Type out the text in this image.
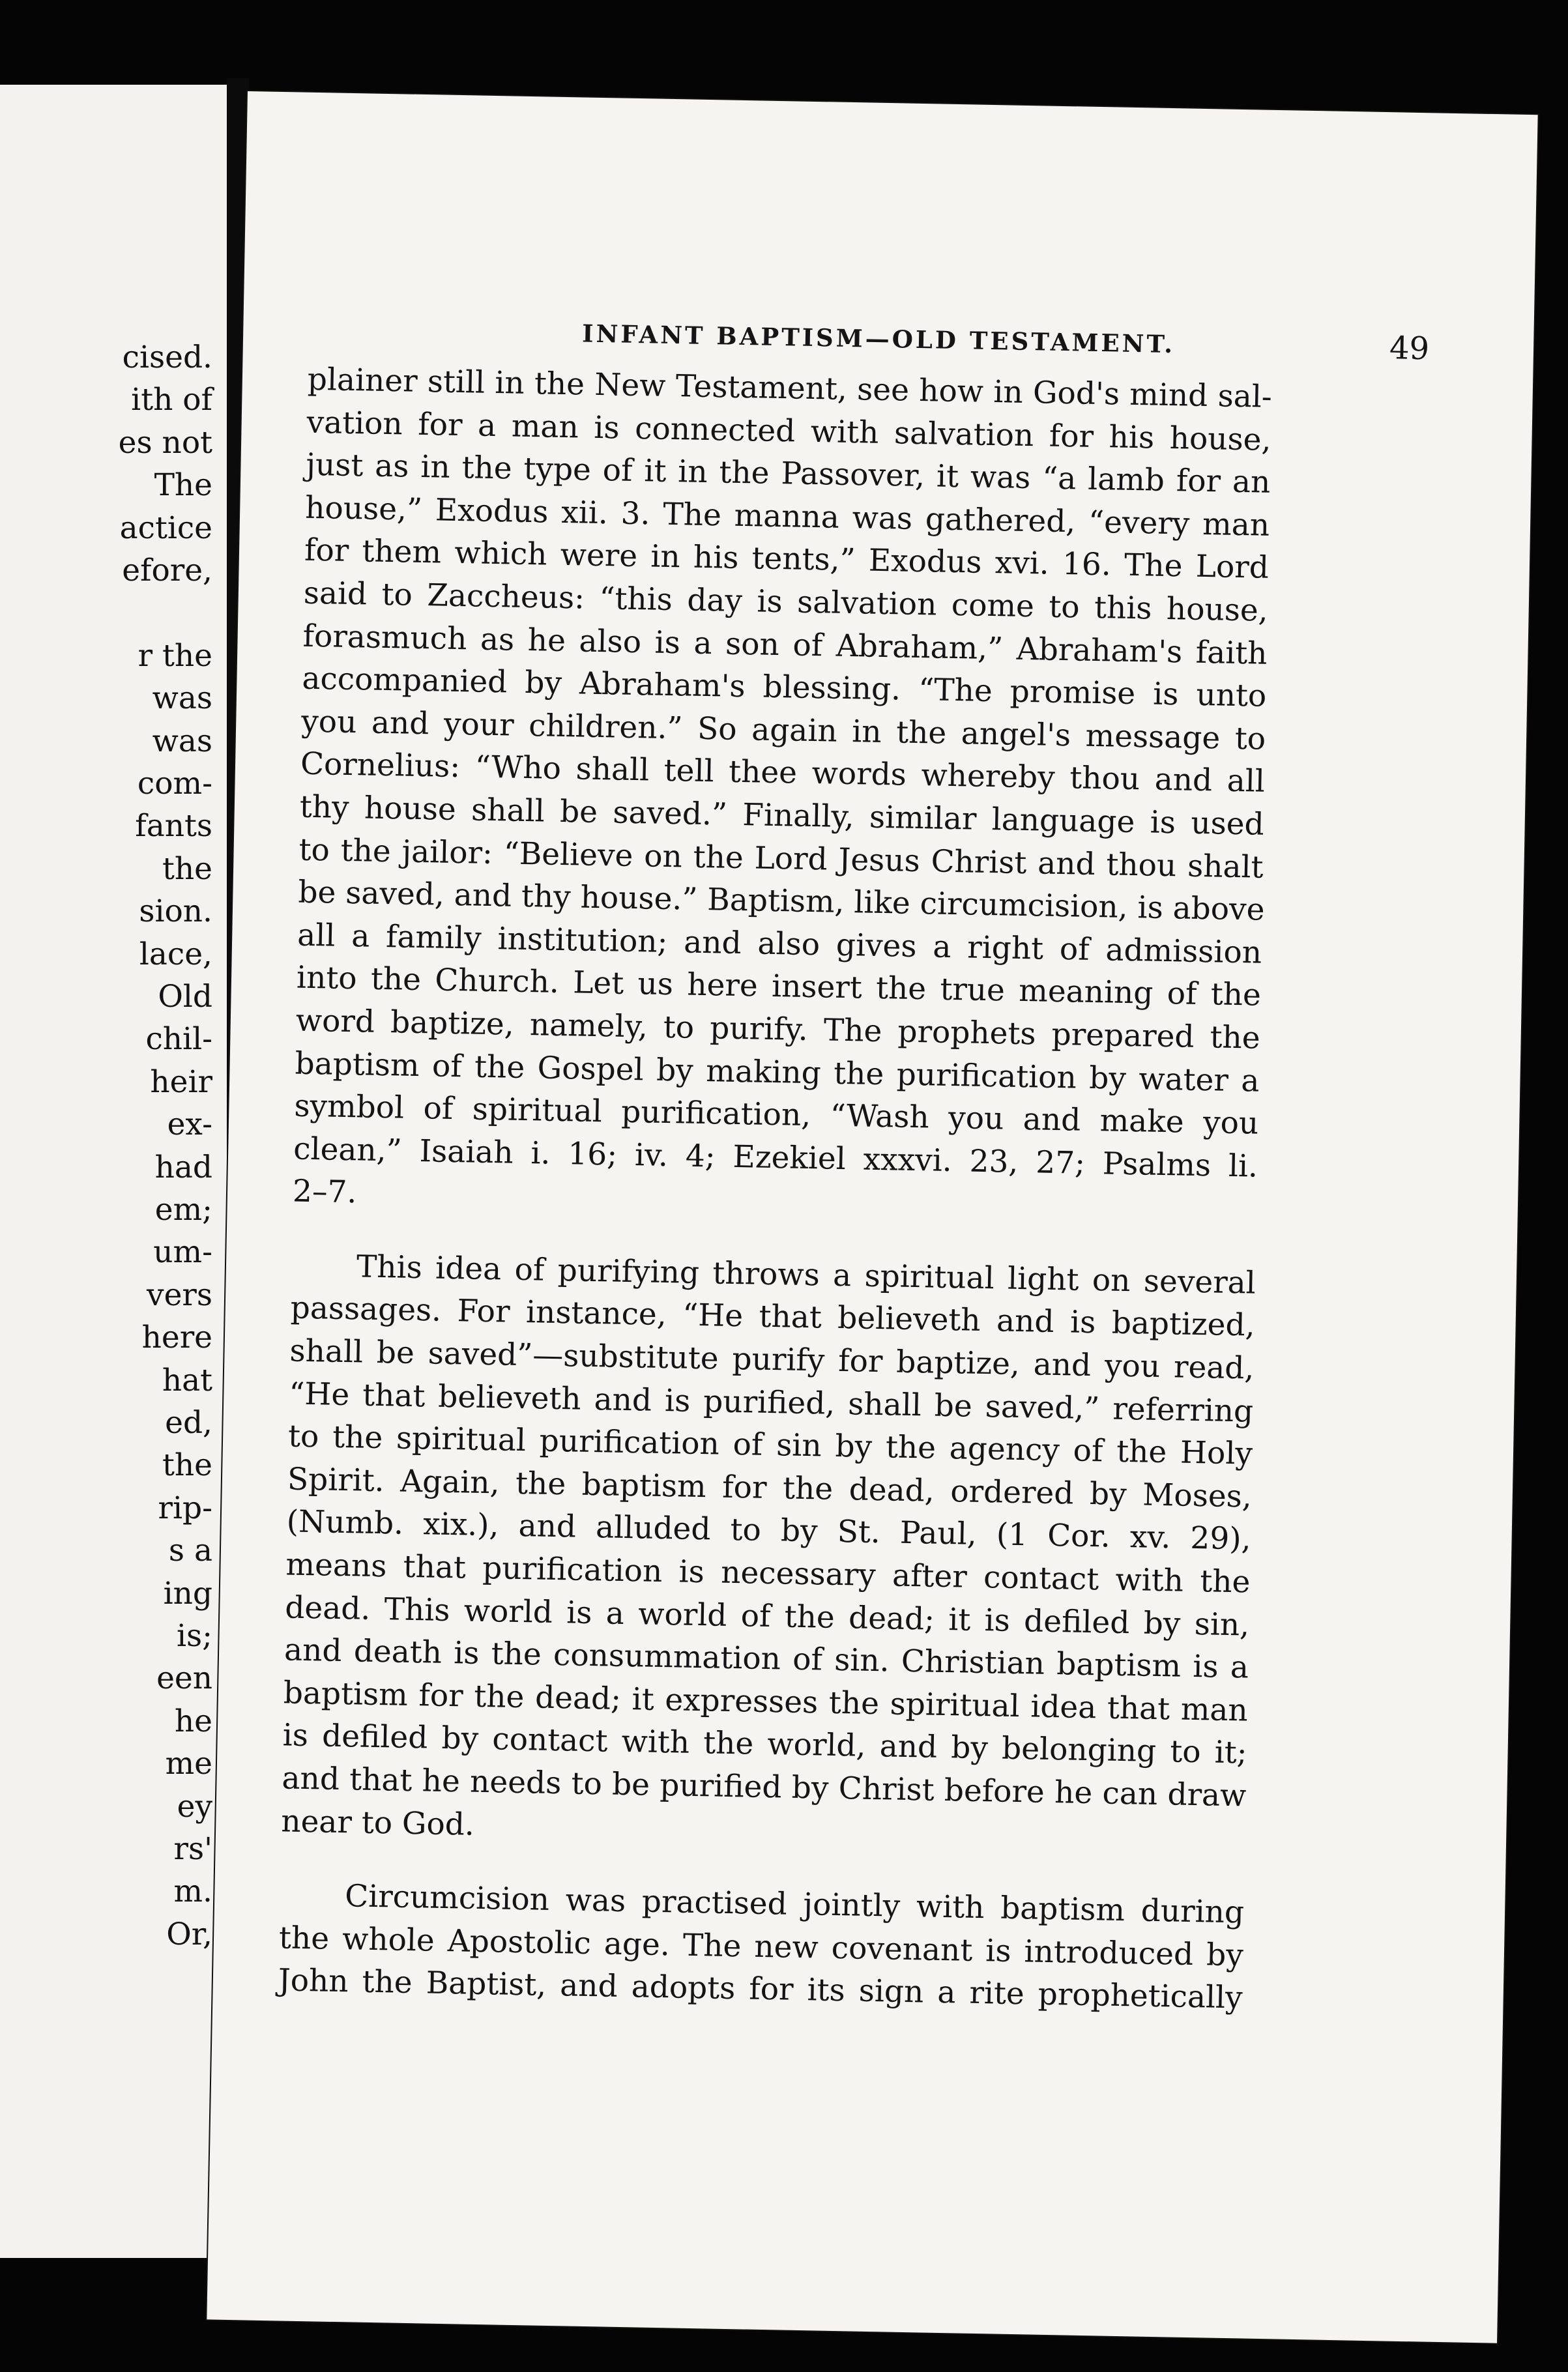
cised.
ith of
es not
The
actice
efore,
r the
was
was
com-
fants
the
sion.
lace,
Old
chil-
heir
ex-
had
em;
um-
vers
here
hat
ed,
the
rip-
s a
ing
is;
een
he
me
ey
rs'
m.
Or,
INFANT BAPTISM—OLD TESTAMENT.	49
plainer still in the New Testament, see how in God's mind sal-
vation for a man is connected with salvation for his house,
just as in the type of it in the Passover, it was “a lamb for an
house,” Exodus xii. 3. The manna was gathered, “every man
for them which were in his tents,” Exodus xvi. 16. The Lord
said to Zaccheus: “this day is salvation come to this house,
forasmuch as he also is a son of Abraham,” Abraham's faith
accompanied by Abraham's blessing. “The promise is unto
you and your children.” So again in the angel's message to
Cornelius: “Who shall tell thee words whereby thou and all
thy house shall be saved.” Finally, similar language is used
to the jailor: “Believe on the Lord Jesus Christ and thou shalt
be saved, and thy house.” Baptism, like circumcision, is above
all a family institution; and also gives a right of admission
into the Church. Let us here insert the true meaning of the
word baptize, namely, to purify. The prophets prepared the
baptism of the Gospel by making the purification by water a
symbol of spiritual purification, “Wash you and make you
clean,” Isaiah i. 16; iv. 4; Ezekiel xxxvi. 23, 27; Psalms li.
2–7.
This idea of purifying throws a spiritual light on several
passages. For instance, “He that believeth and is baptized,
shall be saved”—substitute purify for baptize, and you read,
“He that believeth and is purified, shall be saved,” referring
to the spiritual purification of sin by the agency of the Holy
Spirit. Again, the baptism for the dead, ordered by Moses,
(Numb. xix.), and alluded to by St. Paul, (1 Cor. xv. 29),
means that purification is necessary after contact with the
dead. This world is a world of the dead; it is defiled by sin,
and death is the consummation of sin. Christian baptism is a
baptism for the dead; it expresses the spiritual idea that man
is defiled by contact with the world, and by belonging to it;
and that he needs to be purified by Christ before he can draw
near to God.
Circumcision was practised jointly with baptism during
the whole Apostolic age. The new covenant is introduced by
John the Baptist, and adopts for its sign a rite prophetically
